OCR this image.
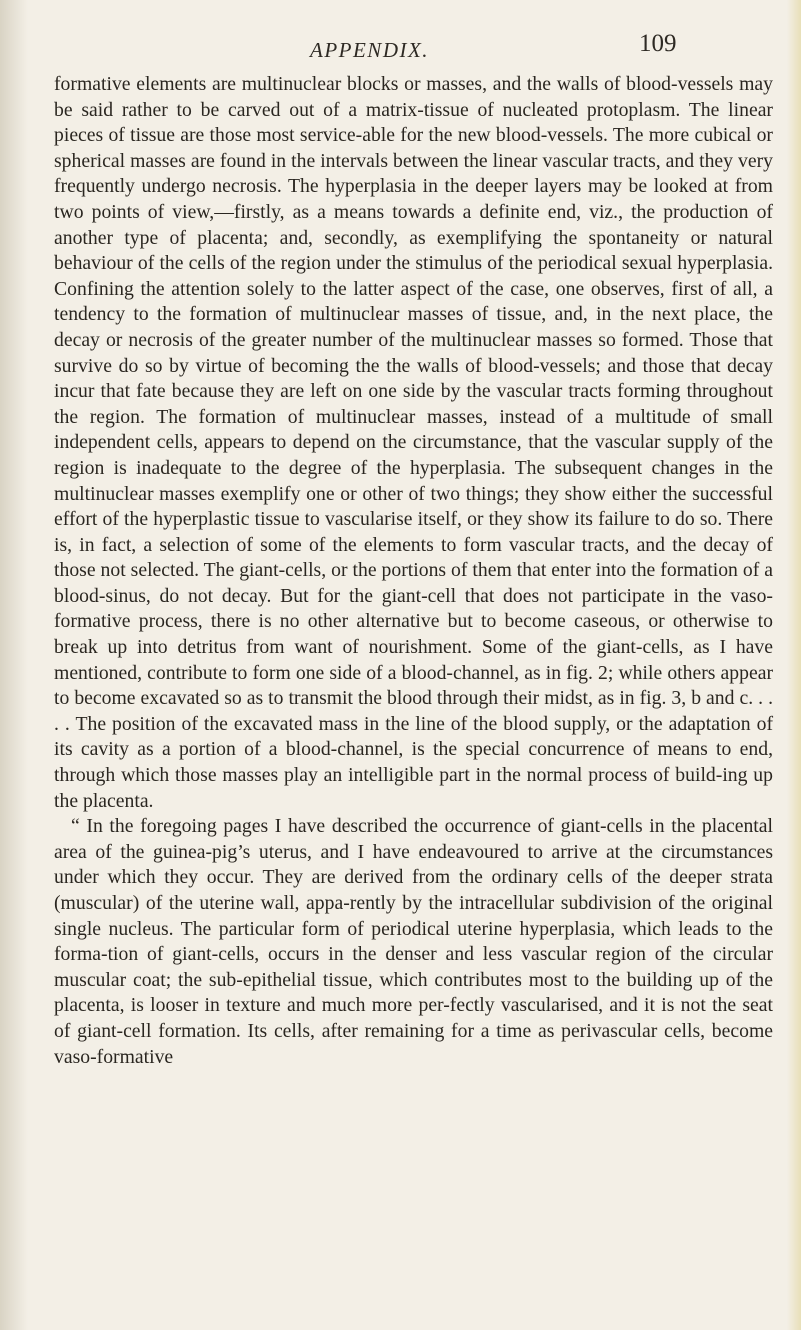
APPENDIX.	109

formative elements are multinuclear blocks or masses, and the walls of blood-vessels may be said rather to be carved out of a matrix-tissue of nucleated protoplasm. The linear pieces of tissue are those most service-able for the new blood-vessels. The more cubical or spherical masses are found in the intervals between the linear vascular tracts, and they very frequently undergo necrosis. The hyperplasia in the deeper layers may be looked at from two points of view,—firstly, as a means towards a definite end, viz., the production of another type of placenta; and, secondly, as exemplifying the spontaneity or natural behaviour of the cells of the region under the stimulus of the periodical sexual hyperplasia. Confining the attention solely to the latter aspect of the case, one observes, first of all, a tendency to the formation of multinuclear masses of tissue, and, in the next place, the decay or necrosis of the greater number of the multinuclear masses so formed. Those that survive do so by virtue of becoming the the walls of blood-vessels; and those that decay incur that fate because they are left on one side by the vascular tracts forming throughout the region. The formation of multinuclear masses, instead of a multitude of small independent cells, appears to depend on the circumstance, that the vascular supply of the region is inadequate to the degree of the hyperplasia. The subsequent changes in the multinuclear masses exemplify one or other of two things; they show either the successful effort of the hyperplastic tissue to vascularise itself, or they show its failure to do so. There is, in fact, a selection of some of the elements to form vascular tracts, and the decay of those not selected. The giant-cells, or the portions of them that enter into the formation of a blood-sinus, do not decay. But for the giant-cell that does not participate in the vaso-formative process, there is no other alternative but to become caseous, or otherwise to break up into detritus from want of nourishment. Some of the giant-cells, as I have mentioned, contribute to form one side of a blood-channel, as in fig. 2; while others appear to become excavated so as to transmit the blood through their midst, as in fig. 3, b and c. . . . . The position of the excavated mass in the line of the blood supply, or the adaptation of its cavity as a portion of a blood-channel, is the special concurrence of means to end, through which those masses play an intelligible part in the normal process of build-ing up the placenta.

“ In the foregoing pages I have described the occurrence of giant-cells in the placental area of the guinea-pig’s uterus, and I have endeavoured to arrive at the circumstances under which they occur. They are derived from the ordinary cells of the deeper strata (muscular) of the uterine wall, appa-rently by the intracellular subdivision of the original single nucleus. The particular form of periodical uterine hyperplasia, which leads to the forma-tion of giant-cells, occurs in the denser and less vascular region of the circular muscular coat; the sub-epithelial tissue, which contributes most to the building up of the placenta, is looser in texture and much more per-fectly vascularised, and it is not the seat of giant-cell formation. Its cells, after remaining for a time as perivascular cells, become vaso-formative
